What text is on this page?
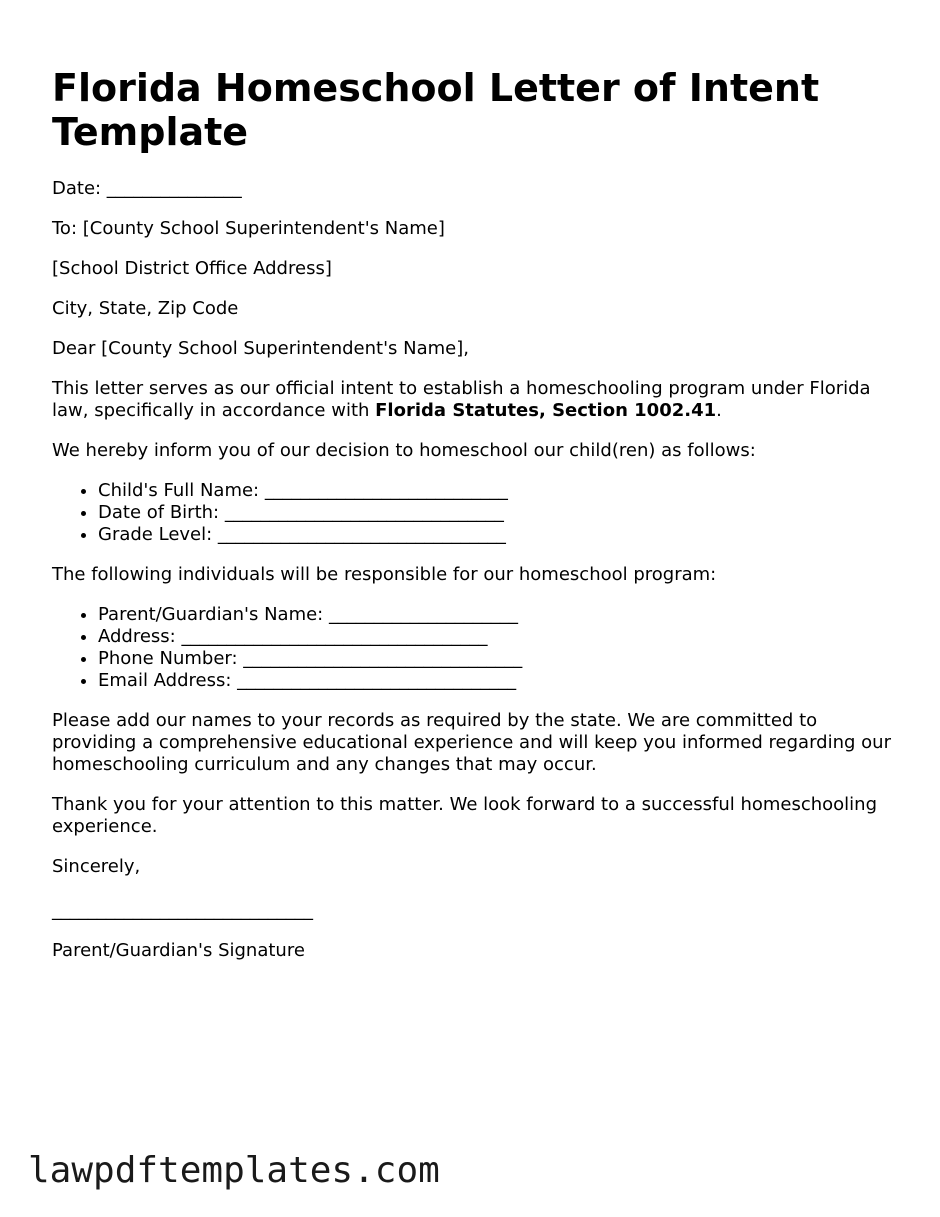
Florida Homeschool Letter of Intent Template

Date: _______________

To: [County School Superintendent's Name]

[School District Office Address]

City, State, Zip Code

Dear [County School Superintendent's Name],

This letter serves as our official intent to establish a homeschooling program under Florida law, specifically in accordance with Florida Statutes, Section 1002.41.

We hereby inform you of our decision to homeschool our child(ren) as follows:

• Child's Full Name: ___________________________
• Date of Birth: _______________________________
• Grade Level: ________________________________

The following individuals will be responsible for our homeschool program:

• Parent/Guardian's Name: _____________________
• Address: __________________________________
• Phone Number: _______________________________
• Email Address: _______________________________

Please add our names to your records as required by the state. We are committed to providing a comprehensive educational experience and will keep you informed regarding our homeschooling curriculum and any changes that may occur.

Thank you for your attention to this matter. We look forward to a successful homeschooling experience.

Sincerely,

_____________________________

Parent/Guardian's Signature

lawpdftemplates.com
